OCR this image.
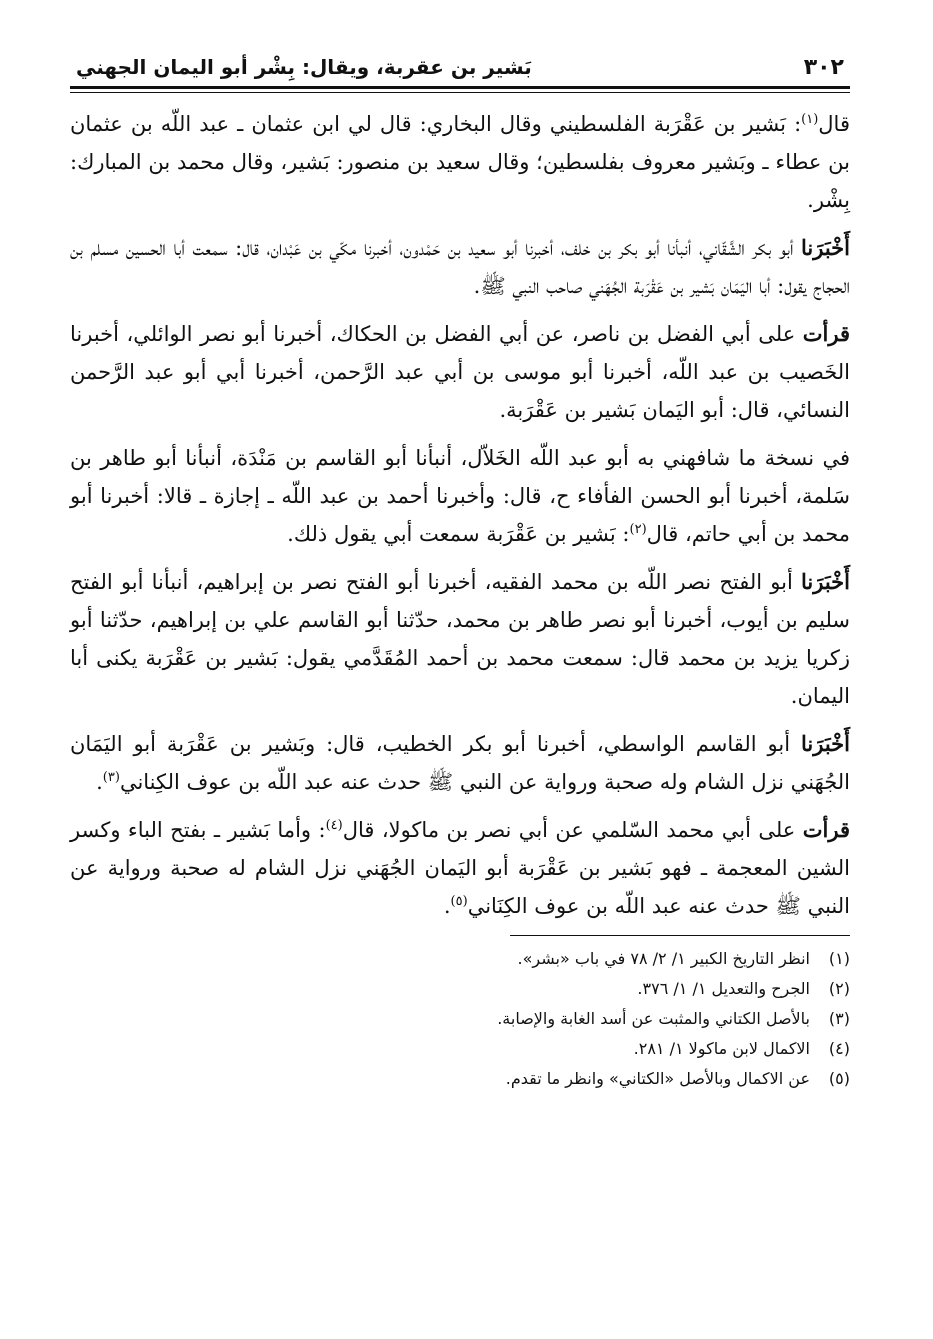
٣٠٢
بَشير بن عقربة، ويقال: بِشْر أبو اليمان الجهني

قال$^{(١)}$: بَشير بن عَقْرَبة الفلسطيني وقال البخاري: قال لي ابن عثمان ـ عبد اللّه بن عثمان بن عطاء ـ وبَشير معروف بفلسطين؛ وقال سعيد بن منصور: بَشير، وقال محمد بن المبارك: بِشْر.

أَخْبَرَنا أبو بكر الشَّقّاني، أنبأنا أبو بكر بن خلف، أخبرنا أبو سعيد بن حَمْدون، أخبرنا مكّي بن عَبْدان، قال: سمعت أبا الحسين مسلم بن الحجاج يقول: أبا اليَمَان بَشير بن عَقْرَبة الجُهَني صاحب النبي ﷺ.

قرأت على أبي الفضل بن ناصر، عن أبي الفضل بن الحكاك، أخبرنا أبو نصر الوائلي، أخبرنا الخَصيب بن عبد اللّه، أخبرنا أبو موسى بن أبي عبد الرَّحمن، أخبرنا أبي أبو عبد الرَّحمن النسائي، قال: أبو اليَمان بَشير بن عَقْرَبة.

في نسخة ما شافهني به أبو عبد اللّه الخَلاّل، أنبأنا أبو القاسم بن مَنْدَة، أنبأنا أبو طاهر بن سَلمة، أخبرنا أبو الحسن الفأفاء ح، قال: وأخبرنا أحمد بن عبد اللّه ـ إجازة ـ قالا: أخبرنا أبو محمد بن أبي حاتم، قال$^{(٢)}$: بَشير بن عَقْرَبة سمعت أبي يقول ذلك.

أَخْبَرَنا أبو الفتح نصر اللّه بن محمد الفقيه، أخبرنا أبو الفتح نصر بن إبراهيم، أنبأنا أبو الفتح سليم بن أيوب، أخبرنا أبو نصر طاهر بن محمد، حدّثنا أبو القاسم علي بن إبراهيم، حدّثنا أبو زكريا يزيد بن محمد قال: سمعت محمد بن أحمد المُقَدَّمي يقول: بَشير بن عَقْرَبة يكنى أبا اليمان.

أَخْبَرَنا أبو القاسم الواسطي، أخبرنا أبو بكر الخطيب، قال: وبَشير بن عَقْرَبة أبو اليَمَان الجُهَني نزل الشام وله صحبة ورواية عن النبي ﷺ حدث عنه عبد اللّه بن عوف الكِناني$^{(٣)}$.

قرأت على أبي محمد السّلمي عن أبي نصر بن ماكولا، قال$^{(٤)}$: وأما بَشير ـ بفتح الباء وكسر الشين المعجمة ـ فهو بَشير بن عَقْرَبة أبو اليَمان الجُهَني نزل الشام له صحبة ورواية عن النبي ﷺ حدث عنه عبد اللّه بن عوف الكِنَاني$^{(٥)}$.

(١)
انظر التاريخ الكبير ١/ ٢/ ٧٨ في باب «بشر».
(٢)
الجرح والتعديل ١/ ١/ ٣٧٦.
(٣)
بالأصل الكتاني والمثبت عن أسد الغابة والإصابة.
(٤)
الاكمال لابن ماكولا ١/ ٢٨١.
(٥)
عن الاكمال وبالأصل «الكتاني» وانظر ما تقدم.
